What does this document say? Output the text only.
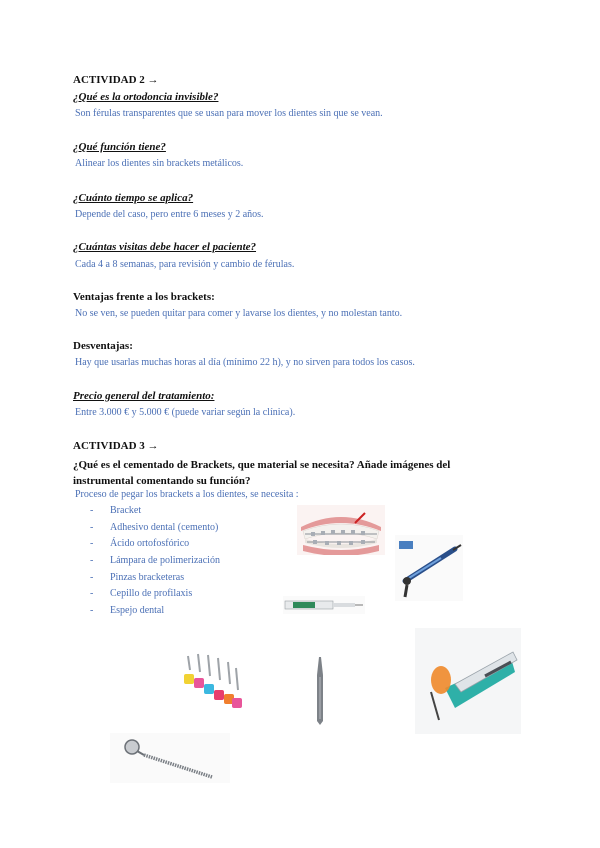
ACTIVIDAD 2 →
¿Qué es la ortodoncia invisible?
Son férulas transparentes que se usan para mover los dientes sin que se vean.
¿Qué función tiene?
Alinear los dientes sin brackets metálicos.
¿Cuánto tiempo se aplica?
Depende del caso, pero entre 6 meses y 2 años.
¿Cuántas visitas debe hacer el paciente?
Cada 4 a 8 semanas, para revisión y cambio de férulas.
Ventajas frente a los brackets:
No se ven, se pueden quitar para comer y lavarse los dientes, y no molestan tanto.
Desventajas:
Hay que usarlas muchas horas al día (mínimo 22 h), y no sirven para todos los casos.
Precio general del tratamiento:
Entre 3.000 € y 5.000 € (puede variar según la clínica).
ACTIVIDAD 3 →
¿Qué es el cementado de Brackets, que material se necesita? Añade imágenes del instrumental comentando su función?
Proceso de pegar los brackets a los dientes, se necesita :
- Bracket
- Adhesivo dental (cemento)
- Ácido ortofosfórico
- Lámpara de polimerización
- Pinzas bracketeras
- Cepillo de profilaxis
- Espejo dental
